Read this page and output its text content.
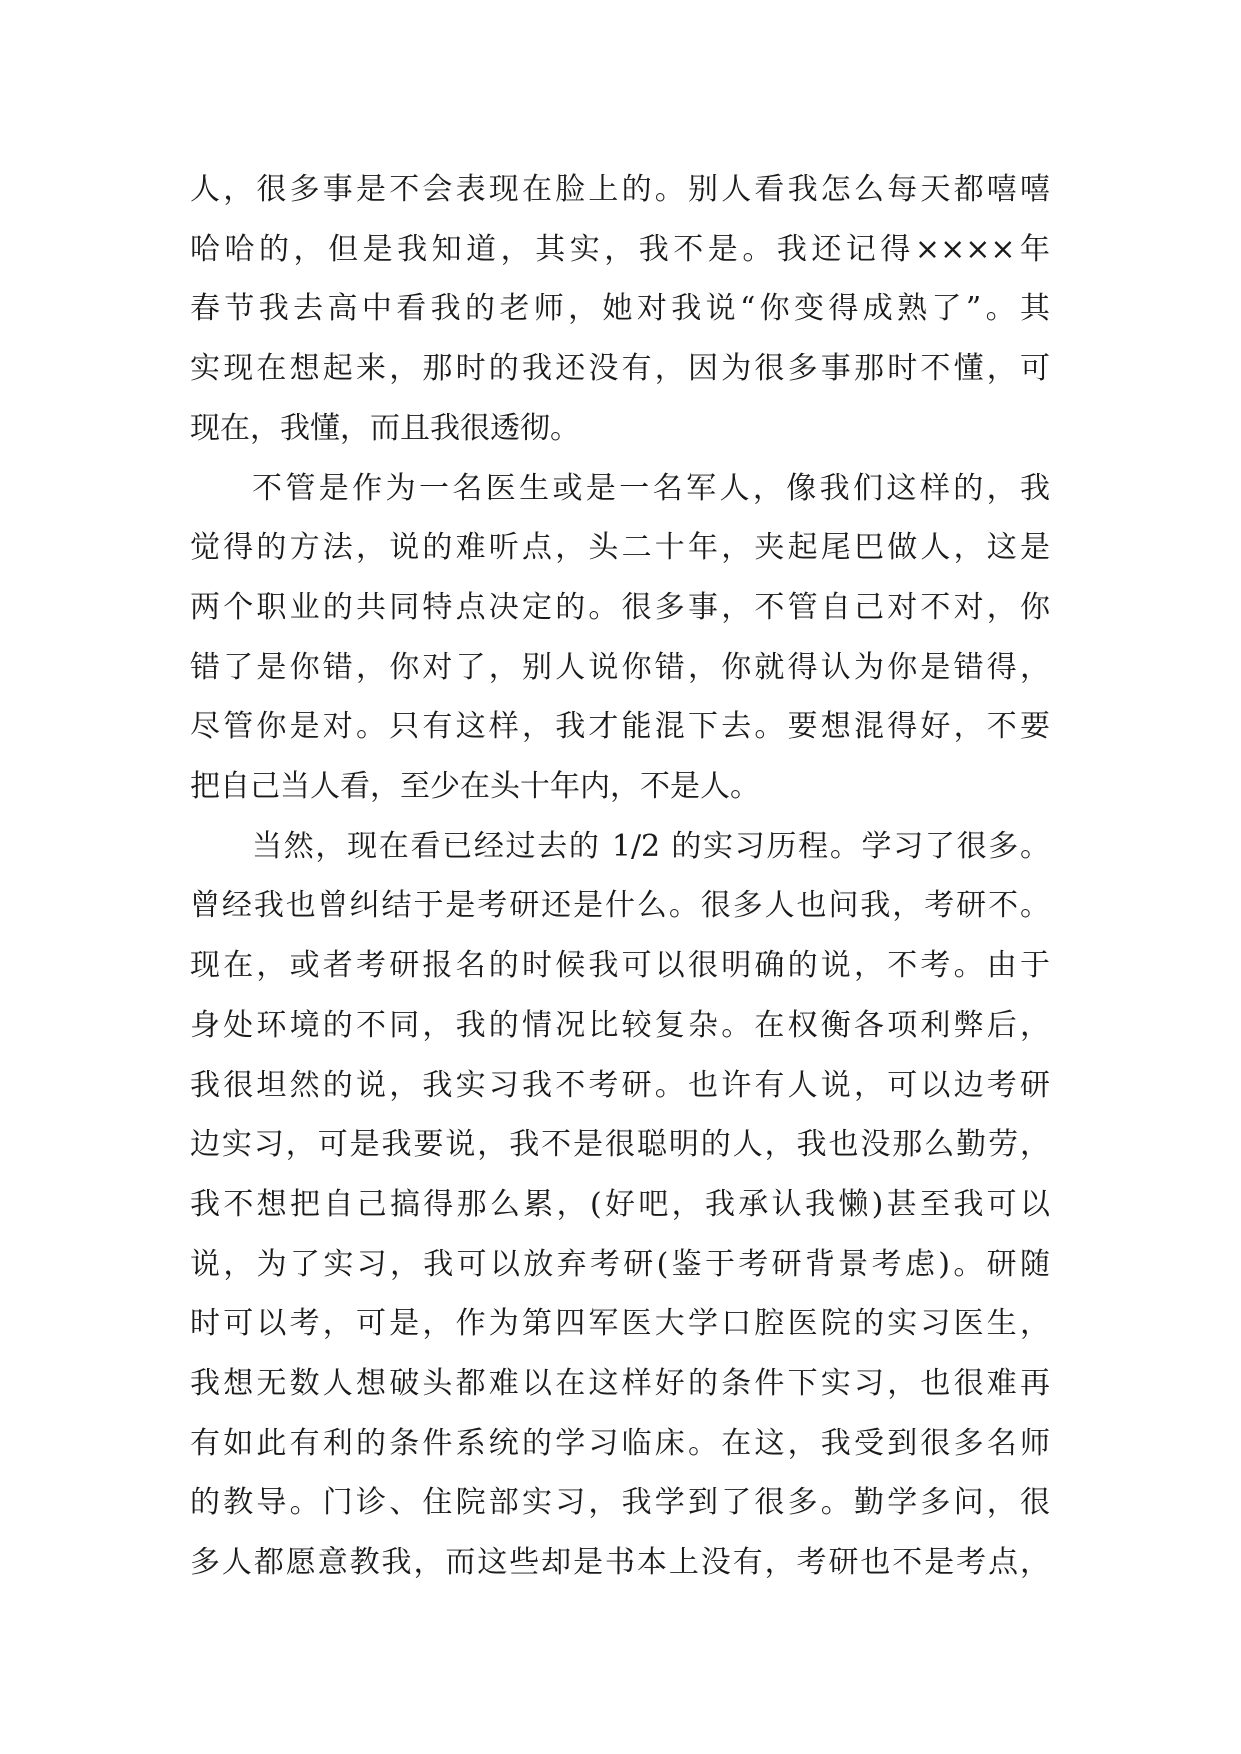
人，很多事是不会表现在脸上的。别人看我怎么每天都嘻嘻
哈哈的，但是我知道，其实，我不是。我还记得××××年
春节我去高中看我的老师，她对我说“你变得成熟了”。其
实现在想起来，那时的我还没有，因为很多事那时不懂，可
现在，我懂，而且我很透彻。

不管是作为一名医生或是一名军人，像我们这样的，我
觉得的方法，说的难听点，头二十年，夹起尾巴做人，这是
两个职业的共同特点决定的。很多事，不管自己对不对，你
错了是你错，你对了，别人说你错，你就得认为你是错得，
尽管你是对。只有这样，我才能混下去。要想混得好，不要
把自己当人看，至少在头十年内，不是人。

当然，现在看已经过去的 1/2 的实习历程。学习了很多。
曾经我也曾纠结于是考研还是什么。很多人也问我，考研不。
现在，或者考研报名的时候我可以很明确的说，不考。由于
身处环境的不同，我的情况比较复杂。在权衡各项利弊后，
我很坦然的说，我实习我不考研。也许有人说，可以边考研
边实习，可是我要说，我不是很聪明的人，我也没那么勤劳，
我不想把自己搞得那么累，(好吧，我承认我懒)甚至我可以
说，为了实习，我可以放弃考研(鉴于考研背景考虑)。研随
时可以考，可是，作为第四军医大学口腔医院的实习医生，
我想无数人想破头都难以在这样好的条件下实习，也很难再
有如此有利的条件系统的学习临床。在这，我受到很多名师
的教导。门诊、住院部实习，我学到了很多。勤学多问，很
多人都愿意教我，而这些却是书本上没有，考研也不是考点，
